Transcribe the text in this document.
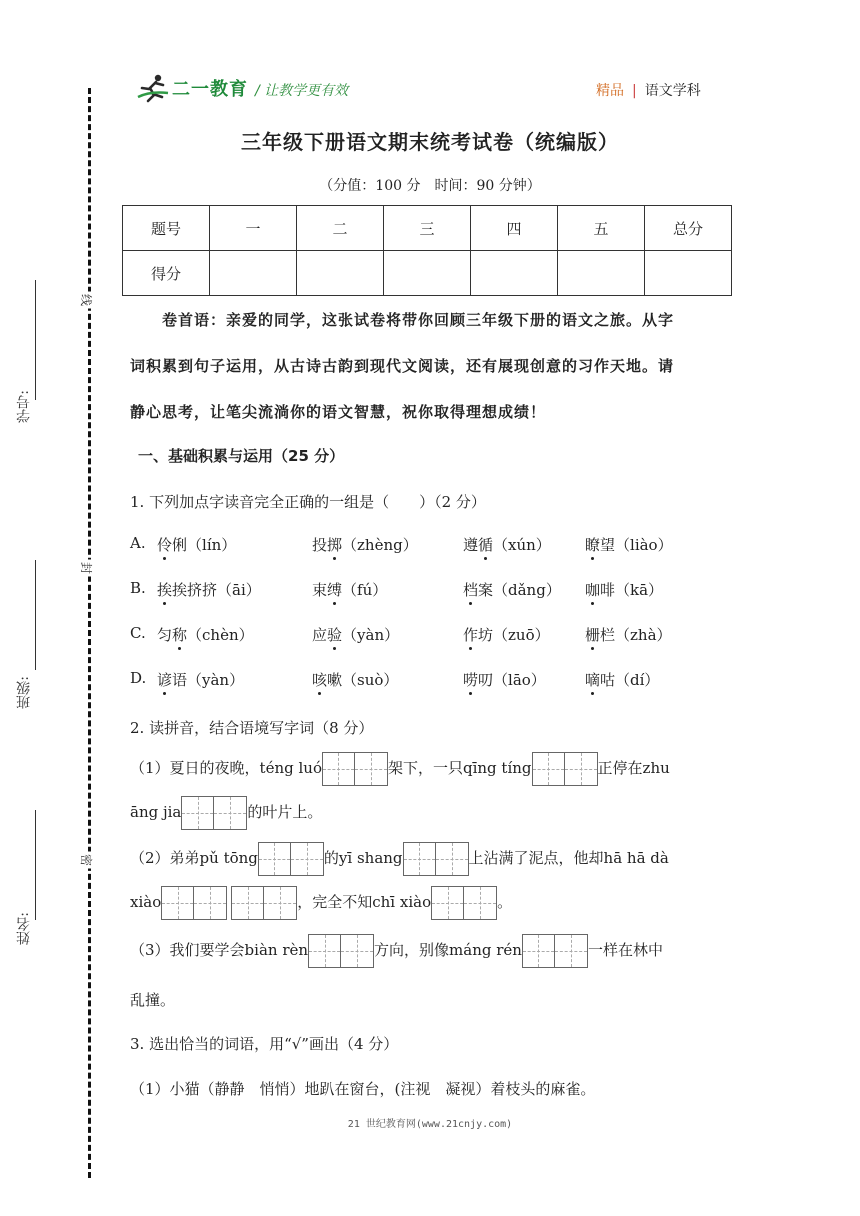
学号:
班级:
姓名:
线
封
密
二一教育 / 让教学更有效	精品 | 语文学科
三年级下册语文期末统考试卷（统编版）
（分值：100 分　时间：90 分钟）
题号	一	二	三	四	五	总分
得分						
卷首语：亲爱的同学，这张试卷将带你回顾三年级下册的语文之旅。从字
词积累到句子运用，从古诗古韵到现代文阅读，还有展现创意的习作天地。请
静心思考，让笔尖流淌你的语文智慧，祝你取得理想成绩！
一、基础积累与运用（25 分）
1. 下列加点字读音完全正确的一组是（　　）（2 分）
A. 伶俐（lín）	投掷（zhèng）	遵循（xún） 瞭望（liào）
B. 挨挨挤挤（āi）	束缚（fú）	档案（dǎng） 咖啡（kā）
C. 匀称（chèn）	应验（yàn）	作坊（zuō） 栅栏（zhà）
D. 谚语（yàn）	咳嗽（suò）	唠叨（lāo）	嘀咕（dí）
2. 读拼音，结合语境写字词（8 分）
（1）夏日的夜晚，téng luó	架下，一只qīng tíng	正停在zhu
āng jia	的叶片上。
（2）弟弟pǔ tōng	的yī shang	上沾满了泥点，他却hā hā dà
xiào	，完全不知chī xiào	。
（3）我们要学会biàn rèn	方向，别像máng rén	一样在林中
乱撞。
3. 选出恰当的词语，用“√”画出（4 分）
（1）小猫（静静　悄悄）地趴在窗台，(注视　凝视）着枝头的麻雀。
21 世纪教育网(www.21cnjy.com)
